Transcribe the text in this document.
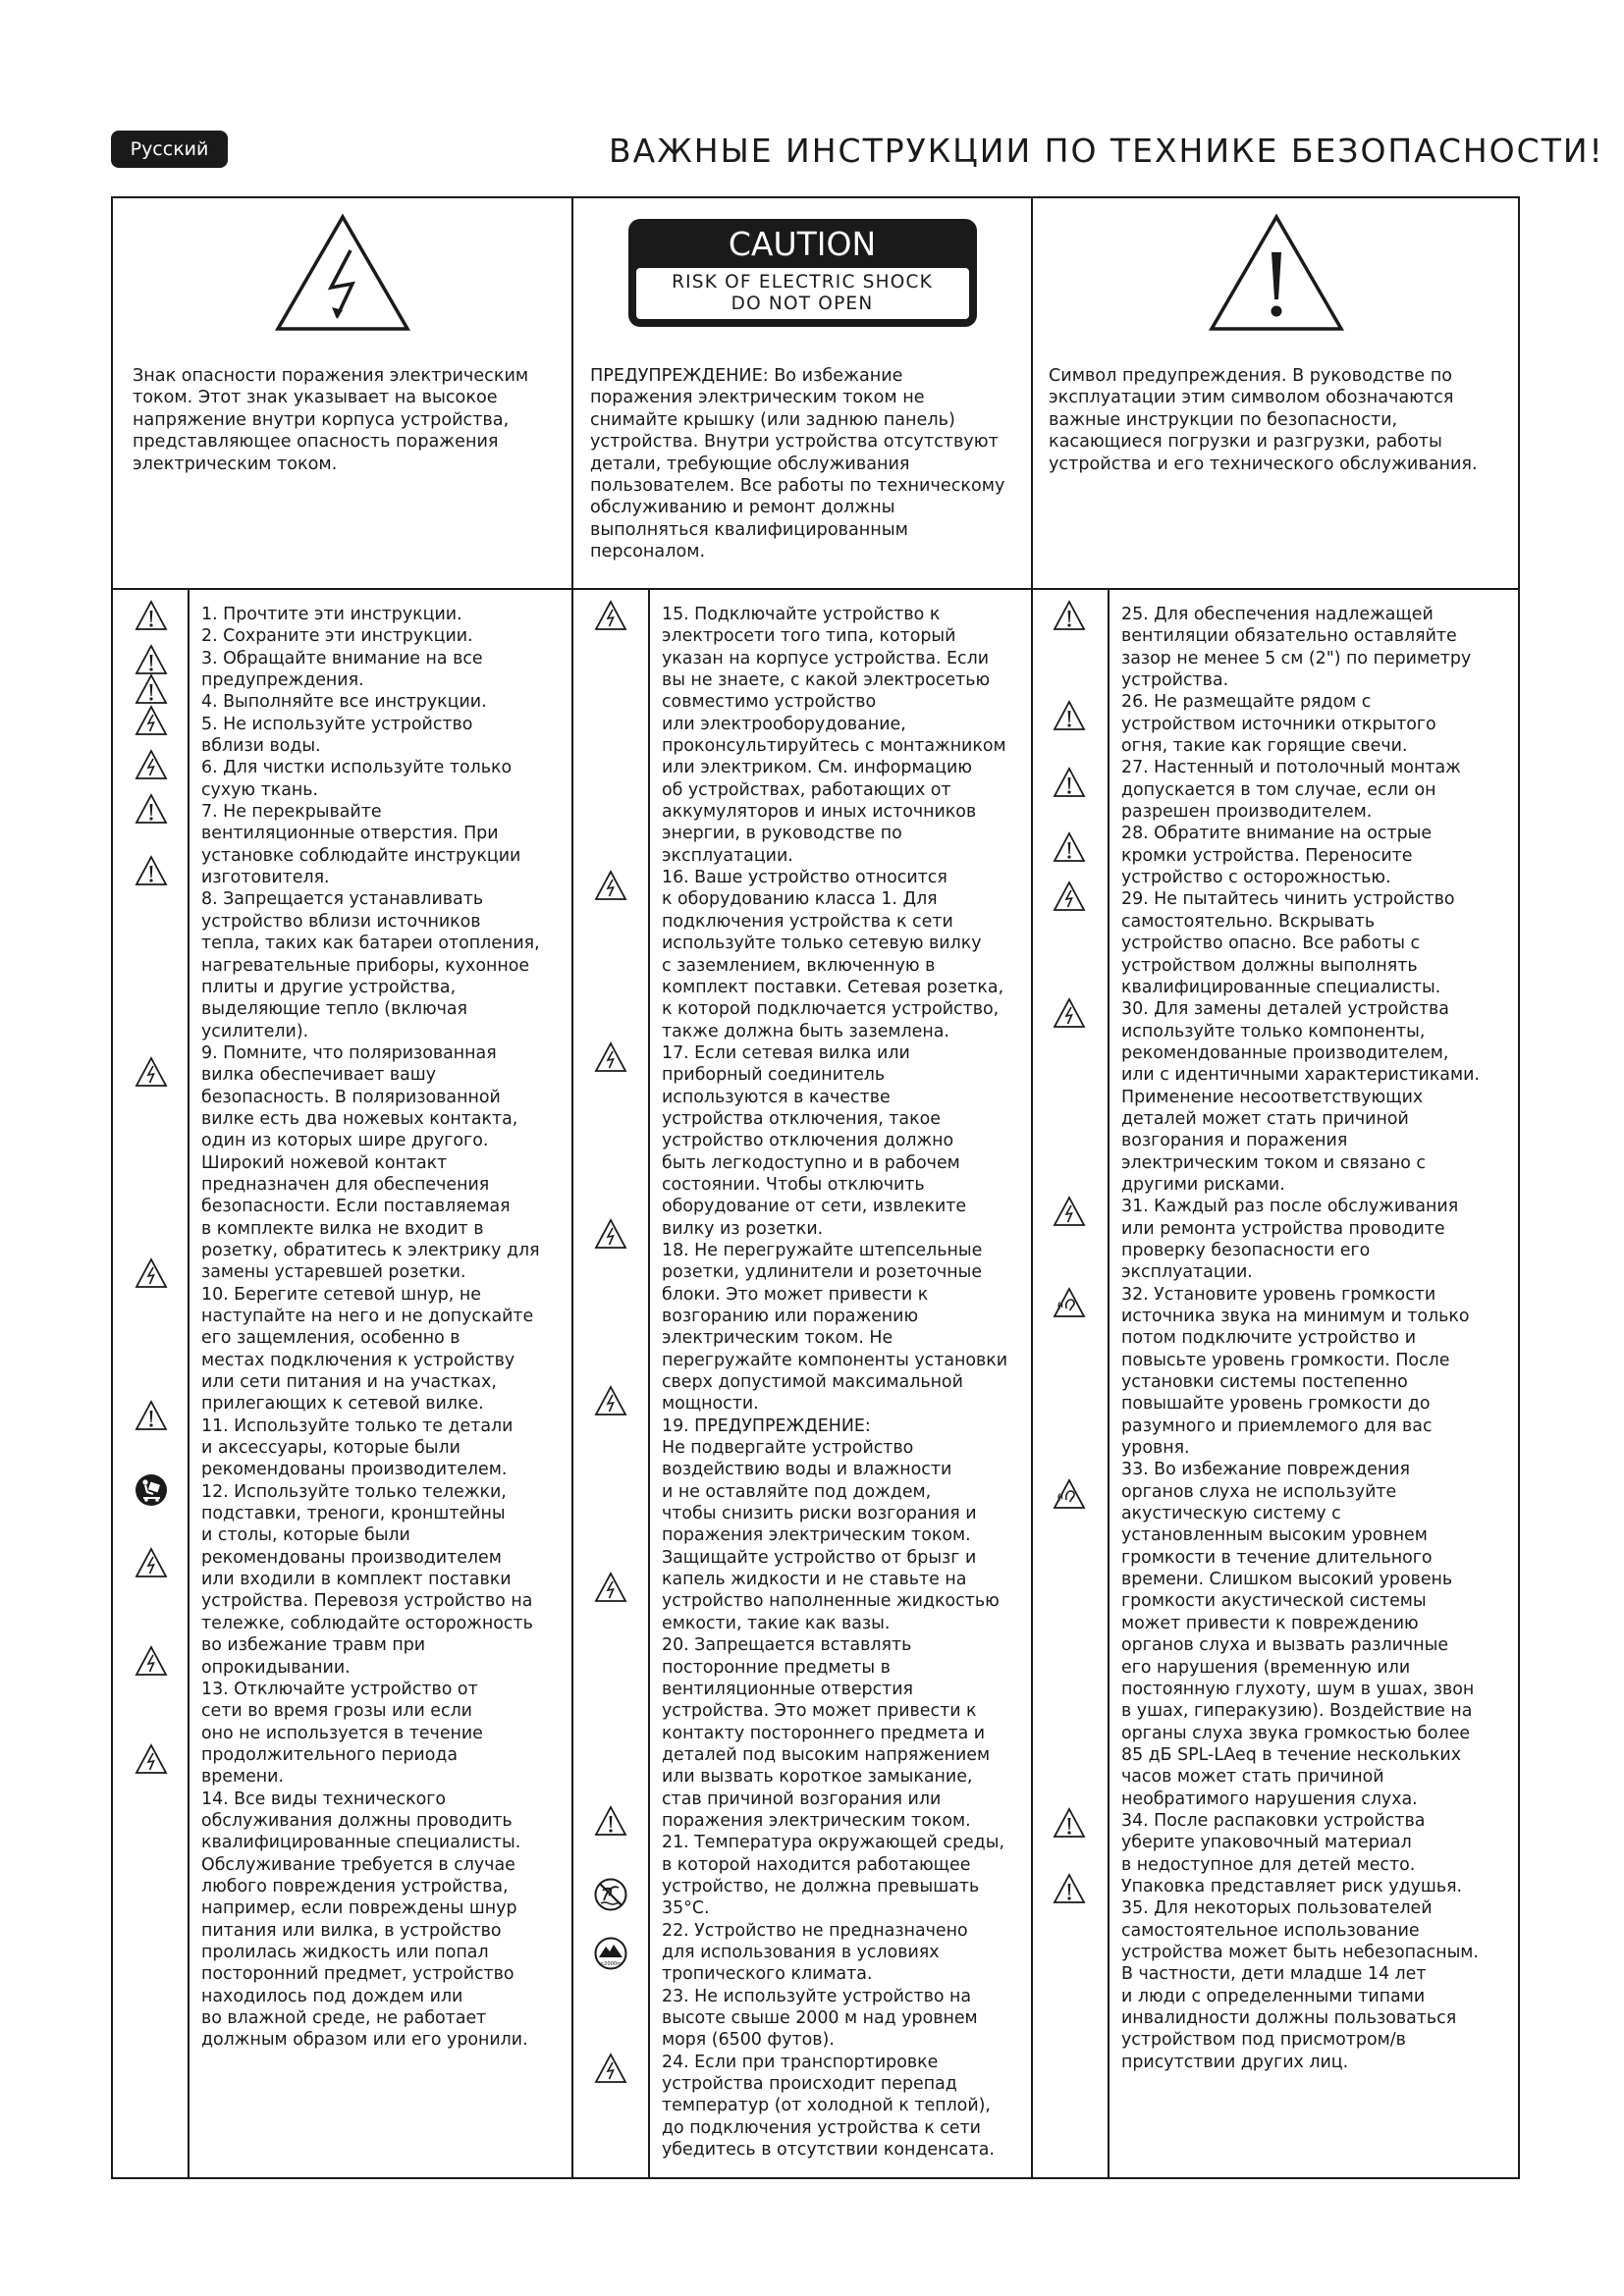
Русский	ВАЖНЫЕ ИНСТРУКЦИИ ПО ТЕХНИКЕ БЕЗОПАСНОСТИ!
CAUTION
RISK OF ELECTRIC SHOCK
DO NOT OPEN

Знак опасности поражения электрическим

током. Этот знак указывает на высокое

напряжение внутри корпуса устройства,

представляющее опасность поражения

электрическим током.

ПРЕДУПРЕЖДЕНИЕ: Во избежание

поражения электрическим током не

снимайте крышку (или заднюю панель)

устройства. Внутри устройства отсутствуют

детали, требующие обслуживания

пользователем. Все работы по техническому

обслуживанию и ремонт должны

выполняться квалифицированным

персоналом.

Символ предупреждения. В руководстве по

эксплуатации этим символом обозначаются

важные инструкции по безопасности,

касающиеся погрузки и разгрузки, работы

устройства и его технического обслуживания.

1. Прочтите эти инструкции.

2. Сохраните эти инструкции.

3. Обращайте внимание на все

предупреждения.

4. Выполняйте все инструкции.

5. Не используйте устройство

вблизи воды.

6. Для чистки используйте только

сухую ткань.

7. Не перекрывайте

вентиляционные отверстия. При

установке соблюдайте инструкции

изготовителя.

8. Запрещается устанавливать

устройство вблизи источников

тепла, таких как батареи отопления,

нагревательные приборы, кухонное

плиты и другие устройства,

выделяющие тепло (включая

усилители).

9. Помните, что поляризованная

вилка обеспечивает вашу

безопасность. В поляризованной

вилке есть два ножевых контакта,

один из которых шире другого.

Широкий ножевой контакт

предназначен для обеспечения

безопасности. Если поставляемая

в комплекте вилка не входит в

розетку, обратитесь к электрику для

замены устаревшей розетки.

10. Берегите сетевой шнур, не

наступайте на него и не допускайте

его защемления, особенно в

местах подключения к устройству

или сети питания и на участках,

прилегающих к сетевой вилке.

11. Используйте только те детали

и аксессуары, которые были

рекомендованы производителем.

12. Используйте только тележки,

подставки, треноги, кронштейны

и столы, которые были

рекомендованы производителем

или входили в комплект поставки

устройства. Перевозя устройство на

тележке, соблюдайте осторожность

во избежание травм при

опрокидывании.

13. Отключайте устройство от

сети во время грозы или если

оно не используется в течение

продолжительного периода

времени.

14. Все виды технического

обслуживания должны проводить

квалифицированные специалисты.

Обслуживание требуется в случае

любого повреждения устройства,

например, если повреждены шнур

питания или вилка, в устройство

пролилась жидкость или попал

посторонний предмет, устройство

находилось под дождем или

во влажной среде, не работает

должным образом или его уронили.

15. Подключайте устройство к

электросети того типа, который

указан на корпусе устройства. Если

вы не знаете, с какой электросетью

совместимо устройство

или электрооборудование,

проконсультируйтесь с монтажником

или электриком. См. информацию

об устройствах, работающих от

аккумуляторов и иных источников

энергии, в руководстве по

эксплуатации.

16. Ваше устройство относится

к оборудованию класса 1. Для

подключения устройства к сети

используйте только сетевую вилку

с заземлением, включенную в

комплект поставки. Сетевая розетка,

к которой подключается устройство,

также должна быть заземлена.

17. Если сетевая вилка или

приборный соединитель

используются в качестве

устройства отключения, такое

устройство отключения должно

быть легкодоступно и в рабочем

состоянии. Чтобы отключить

оборудование от сети, извлеките

вилку из розетки.

18. Не перегружайте штепсельные

розетки, удлинители и розеточные

блоки. Это может привести к

возгоранию или поражению

электрическим током. Не

перегружайте компоненты установки

сверх допустимой максимальной

мощности.

19. ПРЕДУПРЕЖДЕНИЕ:

Не подвергайте устройство

воздействию воды и влажности

и не оставляйте под дождем,

чтобы снизить риски возгорания и

поражения электрическим током.

Защищайте устройство от брызг и

капель жидкости и не ставьте на

устройство наполненные жидкостью

емкости, такие как вазы.

20. Запрещается вставлять

посторонние предметы в

вентиляционные отверстия

устройства. Это может привести к

контакту постороннего предмета и

деталей под высоким напряжением

или вызвать короткое замыкание,

став причиной возгорания или

поражения электрическим током.

21. Температура окружающей среды,

в которой находится работающее

устройство, не должна превышать

35°C.

22. Устройство не предназначено

для использования в условиях

тропического климата.

23. Не используйте устройство на

высоте свыше 2000 м над уровнем

моря (6500 футов).

24. Если при транспортировке

устройства происходит перепад

температур (от холодной к теплой),

до подключения устройства к сети

убедитесь в отсутствии конденсата.

25. Для обеспечения надлежащей

вентиляции обязательно оставляйте

зазор не менее 5 см (2") по периметру

устройства.

26. Не размещайте рядом с

устройством источники открытого

огня, такие как горящие свечи.

27. Настенный и потолочный монтаж

допускается в том случае, если он

разрешен производителем.

28. Обратите внимание на острые

кромки устройства. Переносите

устройство с осторожностью.

29. Не пытайтесь чинить устройство

самостоятельно. Вскрывать

устройство опасно. Все работы с

устройством должны выполнять

квалифицированные специалисты.

30. Для замены деталей устройства

используйте только компоненты,

рекомендованные производителем,

или с идентичными характеристиками.

Применение несоответствующих

деталей может стать причиной

возгорания и поражения

электрическим током и связано с

другими рисками.

31. Каждый раз после обслуживания

или ремонта устройства проводите

проверку безопасности его

эксплуатации.

32. Установите уровень громкости

источника звука на минимум и только

потом подключите устройство и

повысьте уровень громкости. После

установки системы постепенно

повышайте уровень громкости до

разумного и приемлемого для вас

уровня.

33. Во избежание повреждения

органов слуха не используйте

акустическую систему с

установленным высоким уровнем

громкости в течение длительного

времени. Слишком высокий уровень

громкости акустической системы

может привести к повреждению

органов слуха и вызвать различные

его нарушения (временную или

постоянную глухоту, шум в ушах, звон

в ушах, гиперакузию). Воздействие на

органы слуха звука громкостью более

85 дБ SPL-LAeq в течение нескольких

часов может стать причиной

необратимого нарушения слуха.

34. После распаковки устройства

уберите упаковочный материал

в недоступное для детей место.

Упаковка представляет риск удушья.

35. Для некоторых пользователей

самостоятельное использование

устройства может быть небезопасным.

В частности, дети младше 14 лет

и люди с определенными типами

инвалидности должны пользоваться

устройством под присмотром/в

присутствии других лиц.

≤2000m
